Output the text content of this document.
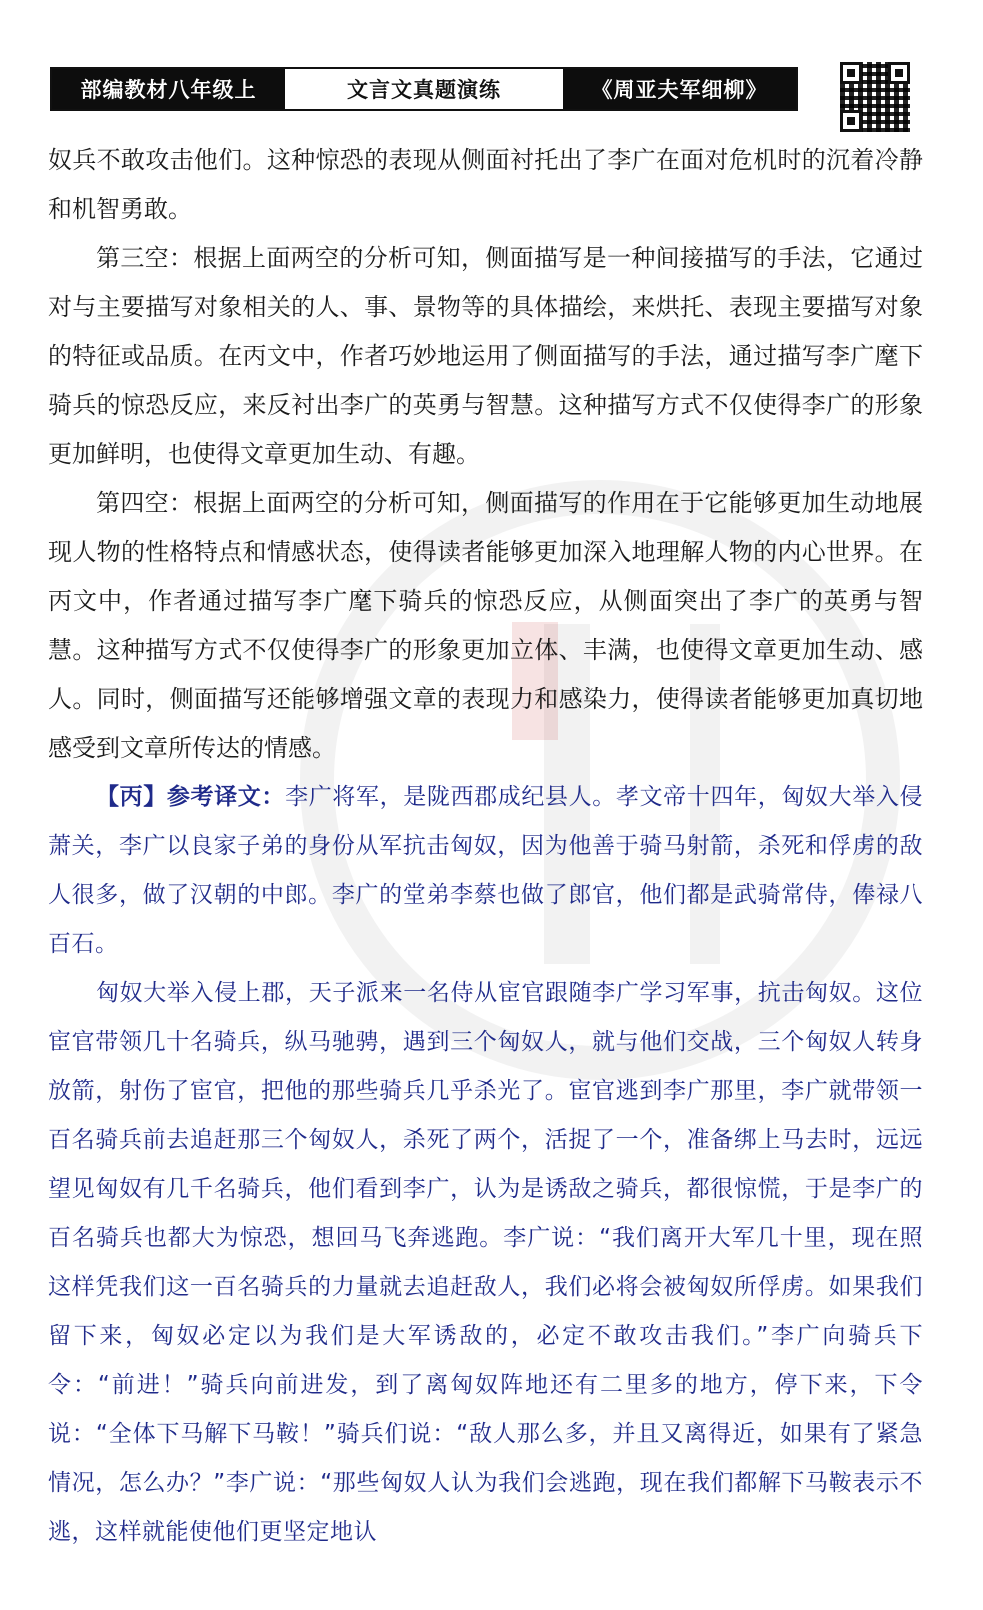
部编教材八年级上	文言文真题演练	《周亚夫军细柳》

奴兵不敢攻击他们。这种惊恐的表现从侧面衬托出了李广在面对危机时的沉着冷静和机智勇敢。

第三空：根据上面两空的分析可知，侧面描写是一种间接描写的手法，它通过对与主要描写对象相关的人、事、景物等的具体描绘，来烘托、表现主要描写对象的特征或品质。在丙文中，作者巧妙地运用了侧面描写的手法，通过描写李广麾下骑兵的惊恐反应，来反衬出李广的英勇与智慧。这种描写方式不仅使得李广的形象更加鲜明，也使得文章更加生动、有趣。

第四空：根据上面两空的分析可知，侧面描写的作用在于它能够更加生动地展现人物的性格特点和情感状态，使得读者能够更加深入地理解人物的内心世界。在丙文中，作者通过描写李广麾下骑兵的惊恐反应，从侧面突出了李广的英勇与智慧。这种描写方式不仅使得李广的形象更加立体、丰满，也使得文章更加生动、感人。同时，侧面描写还能够增强文章的表现力和感染力，使得读者能够更加真切地感受到文章所传达的情感。

【丙】参考译文：李广将军，是陇西郡成纪县人。孝文帝十四年，匈奴大举入侵萧关，李广以良家子弟的身份从军抗击匈奴，因为他善于骑马射箭，杀死和俘虏的敌人很多，做了汉朝的中郎。李广的堂弟李蔡也做了郎官，他们都是武骑常侍，俸禄八百石。

匈奴大举入侵上郡，天子派来一名侍从宦官跟随李广学习军事，抗击匈奴。这位宦官带领几十名骑兵，纵马驰骋，遇到三个匈奴人，就与他们交战，三个匈奴人转身放箭，射伤了宦官，把他的那些骑兵几乎杀光了。宦官逃到李广那里，李广就带领一百名骑兵前去追赶那三个匈奴人，杀死了两个，活捉了一个，准备绑上马去时，远远望见匈奴有几千名骑兵，他们看到李广，认为是诱敌之骑兵，都很惊慌，于是李广的百名骑兵也都大为惊恐，想回马飞奔逃跑。李广说：“我们离开大军几十里，现在照这样凭我们这一百名骑兵的力量就去追赶敌人，我们必将会被匈奴所俘虏。如果我们留下来，匈奴必定以为我们是大军诱敌的，必定不敢攻击我们。”李广向骑兵下令：“前进！”骑兵向前进发，到了离匈奴阵地还有二里多的地方，停下来，下令说：“全体下马解下马鞍！”骑兵们说：“敌人那么多，并且又离得近，如果有了紧急情况，怎么办？”李广说：“那些匈奴人认为我们会逃跑，现在我们都解下马鞍表示不逃，这样就能使他们更坚定地认
